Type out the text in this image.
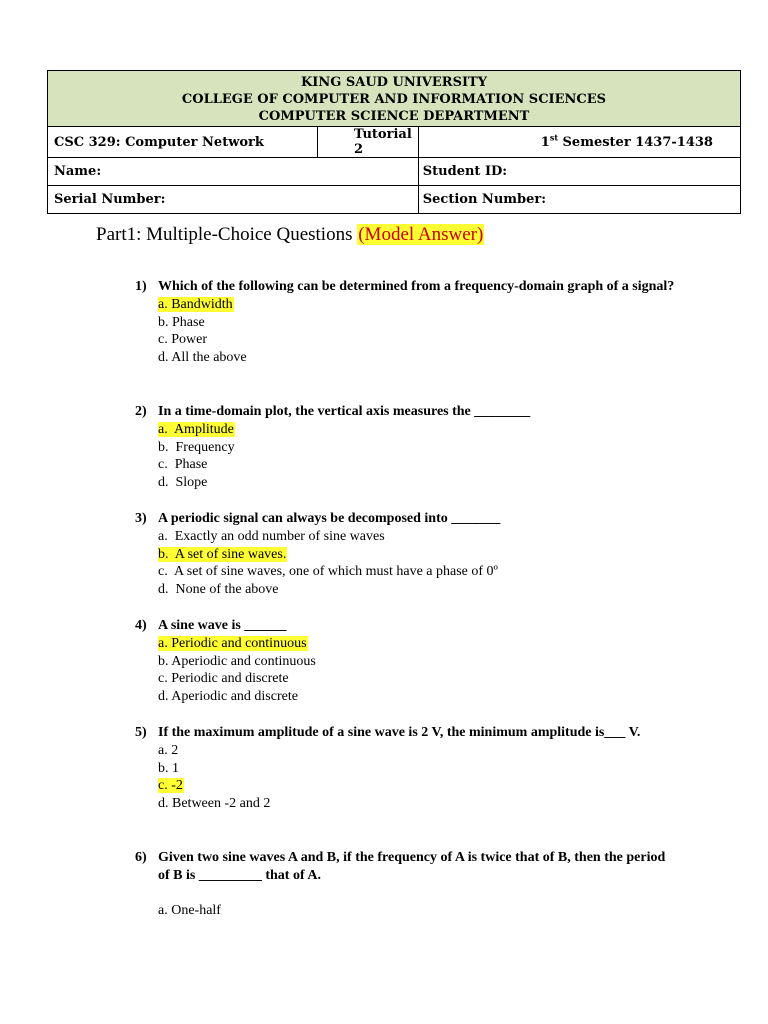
KING SAUD UNIVERSITY
COLLEGE OF COMPUTER AND INFORMATION SCIENCES
COMPUTER SCIENCE DEPARTMENT		

CSC 329: Computer Network	Tutorial 2	1st Semester 1437-1438
Name:		Student ID:
Serial Number:		Section Number:
Part1: Multiple-Choice Questions (Model Answer)
1) Which of the following can be determined from a frequency-domain graph of a signal?
a. Bandwidth
b. Phase
c. Power
d. All the above
2) In a time-domain plot, the vertical axis measures the ________
a.  Amplitude
b.  Frequency
c.  Phase
d.  Slope
3) A periodic signal can always be decomposed into _______
a.  Exactly an odd number of sine waves
b.  A set of sine waves.
c.  A set of sine waves, one of which must have a phase of 0º
d.  None of the above
4) A sine wave is ______
a. Periodic and continuous
b. Aperiodic and continuous
c. Periodic and discrete
d. Aperiodic and discrete
5) If the maximum amplitude of a sine wave is 2 V, the minimum amplitude is___ V.
a. 2
b. 1
c. -2
d. Between -2 and 2
6) Given two sine waves A and B, if the frequency of A is twice that of B, then the period of B is _________ that of A.
a. One-half
